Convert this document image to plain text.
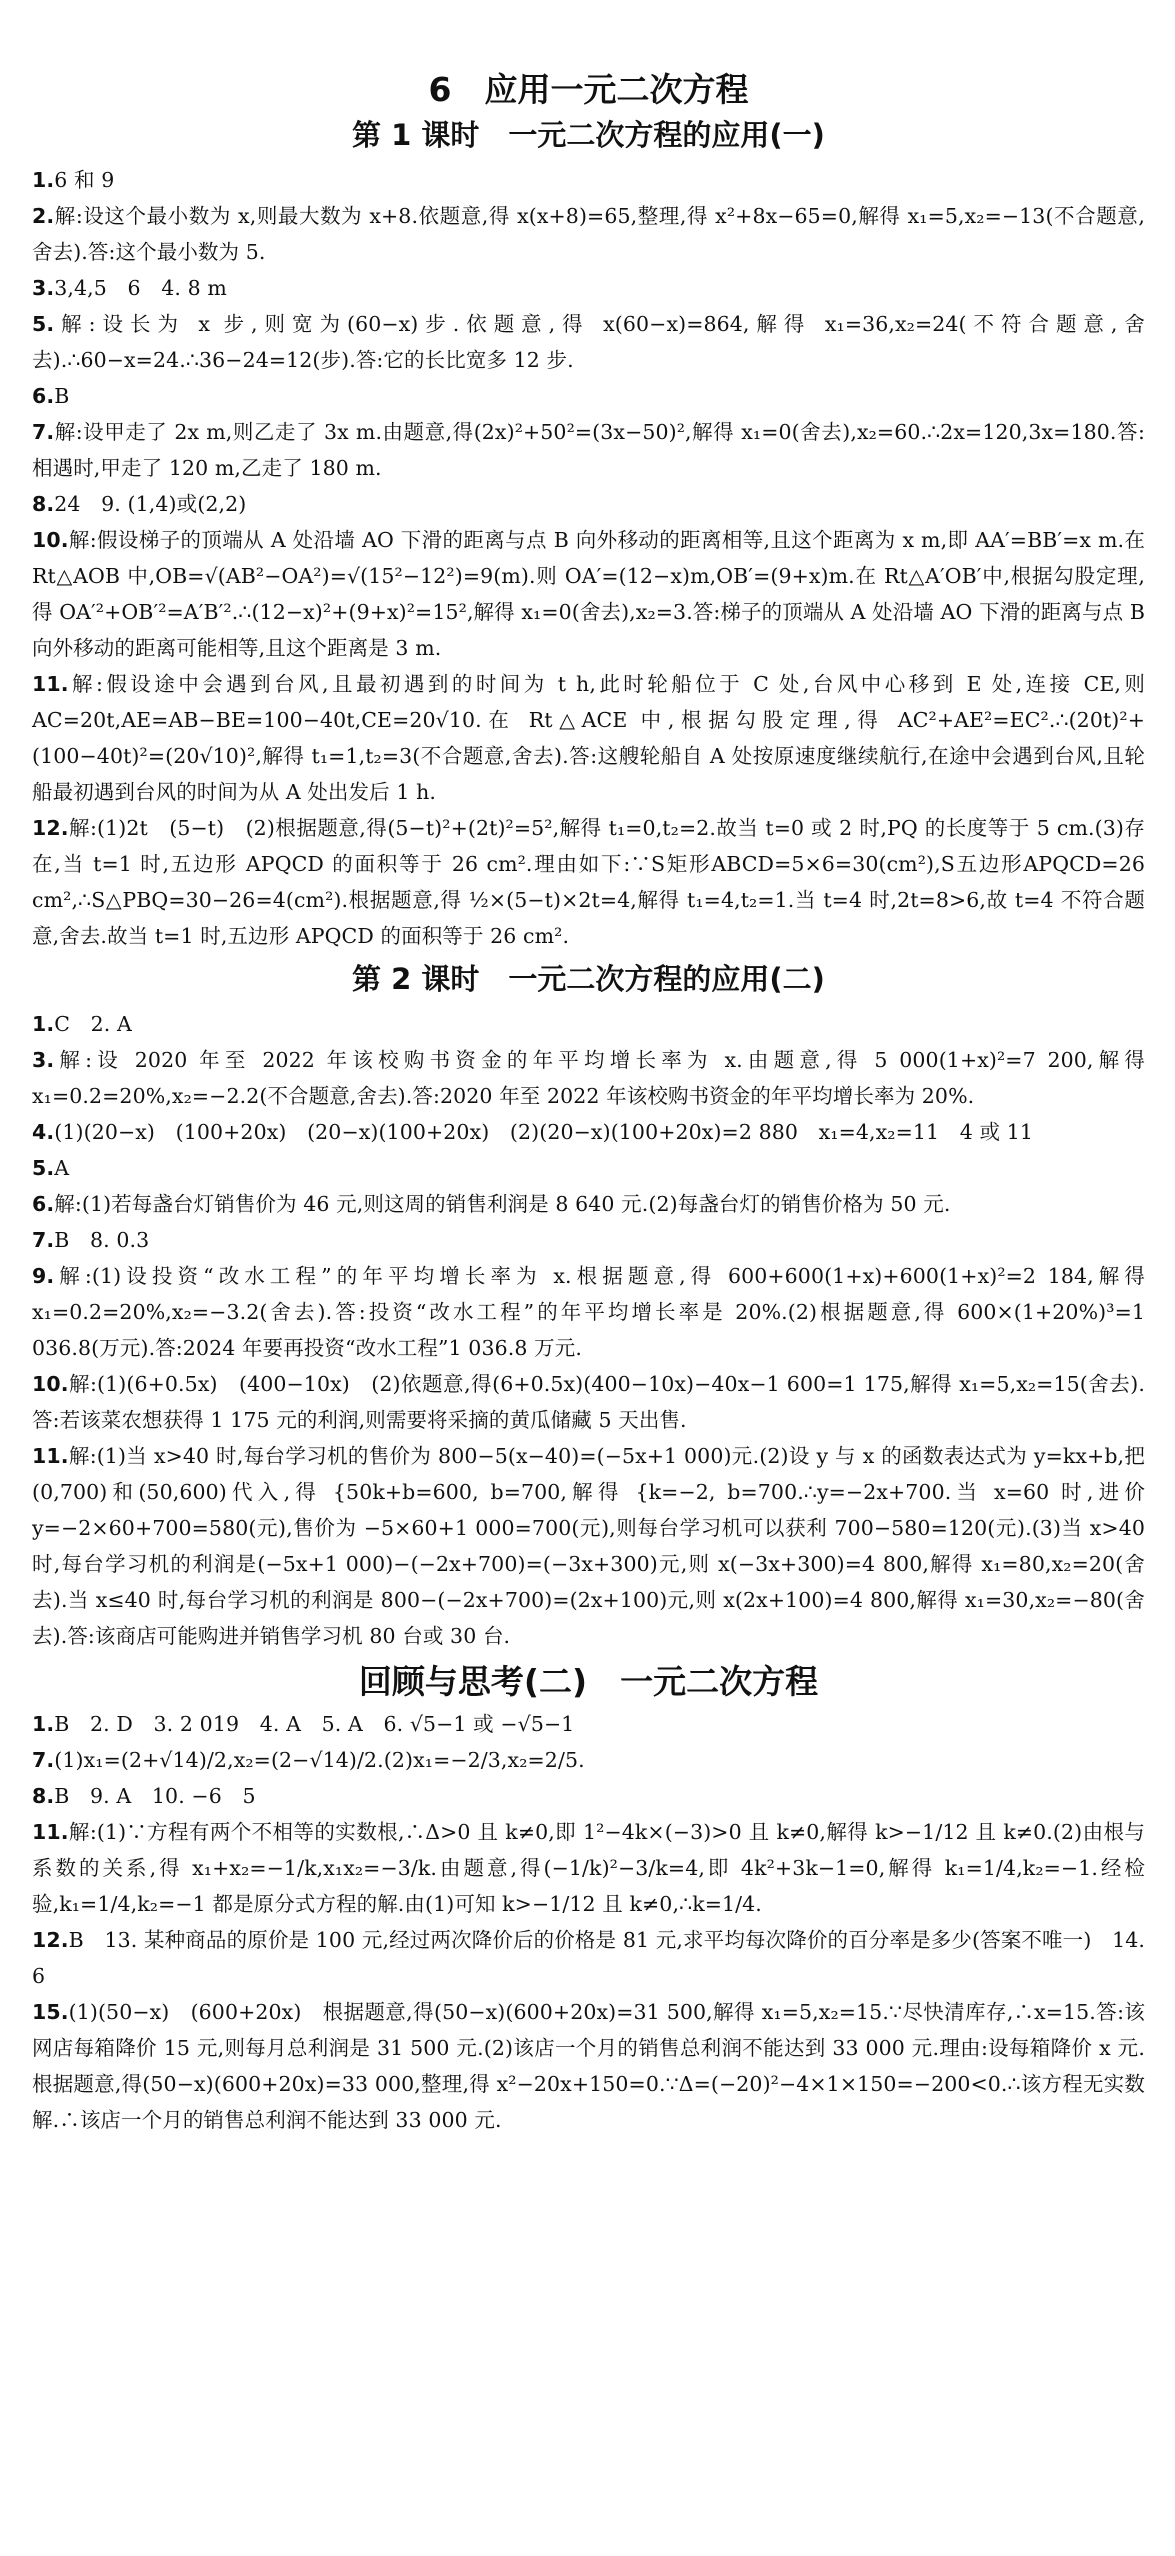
6　应用一元二次方程
第 1 课时　一元二次方程的应用(一)

1.6 和 9

2.解:设这个最小数为 x,则最大数为 x+8.依题意,得 x(x+8)=65,整理,得 x²+8x−65=0,解得 x₁=5,x₂=−13(不合题意,舍去).答:这个最小数为 5.

3.3,4,5　6　4. 8 m

5.解:设长为 x 步,则宽为(60−x)步.依题意,得 x(60−x)=864,解得 x₁=36,x₂=24(不符合题意,舍去).∴60−x=24.∴36−24=12(步).答:它的长比宽多 12 步.

6.B

7.解:设甲走了 2x m,则乙走了 3x m.由题意,得(2x)²+50²=(3x−50)²,解得 x₁=0(舍去),x₂=60.∴2x=120,3x=180.答:相遇时,甲走了 120 m,乙走了 180 m.

8.24　9. (1,4)或(2,2)

10.解:假设梯子的顶端从 A 处沿墙 AO 下滑的距离与点 B 向外移动的距离相等,且这个距离为 x m,即 AA′=BB′=x m.在 Rt△AOB 中,OB=√(AB²−OA²)=√(15²−12²)=9(m).则 OA′=(12−x)m,OB′=(9+x)m.在 Rt△A′OB′中,根据勾股定理,得 OA′²+OB′²=A′B′².∴(12−x)²+(9+x)²=15²,解得 x₁=0(舍去),x₂=3.答:梯子的顶端从 A 处沿墙 AO 下滑的距离与点 B 向外移动的距离可能相等,且这个距离是 3 m.

11.解:假设途中会遇到台风,且最初遇到的时间为 t h,此时轮船位于 C 处,台风中心移到 E 处,连接 CE,则 AC=20t,AE=AB−BE=100−40t,CE=20√10.在 Rt△ACE 中,根据勾股定理,得 AC²+AE²=EC².∴(20t)²+(100−40t)²=(20√10)²,解得 t₁=1,t₂=3(不合题意,舍去).答:这艘轮船自 A 处按原速度继续航行,在途中会遇到台风,且轮船最初遇到台风的时间为从 A 处出发后 1 h.

12.解:(1)2t　(5−t)　(2)根据题意,得(5−t)²+(2t)²=5²,解得 t₁=0,t₂=2.故当 t=0 或 2 时,PQ 的长度等于 5 cm.(3)存在,当 t=1 时,五边形 APQCD 的面积等于 26 cm².理由如下:∵S矩形ABCD=5×6=30(cm²),S五边形APQCD=26 cm²,∴S△PBQ=30−26=4(cm²).根据题意,得 ½×(5−t)×2t=4,解得 t₁=4,t₂=1.当 t=4 时,2t=8>6,故 t=4 不符合题意,舍去.故当 t=1 时,五边形 APQCD 的面积等于 26 cm².

第 2 课时　一元二次方程的应用(二)

1.C　2. A

3.解:设 2020 年至 2022 年该校购书资金的年平均增长率为 x.由题意,得 5 000(1+x)²=7 200,解得 x₁=0.2=20%,x₂=−2.2(不合题意,舍去).答:2020 年至 2022 年该校购书资金的年平均增长率为 20%.

4.(1)(20−x)　(100+20x)　(20−x)(100+20x)　(2)(20−x)(100+20x)=2 880　x₁=4,x₂=11　4 或 11

5.A

6.解:(1)若每盏台灯销售价为 46 元,则这周的销售利润是 8 640 元.(2)每盏台灯的销售价格为 50 元.

7.B　8. 0.3

9.解:(1)设投资“改水工程”的年平均增长率为 x.根据题意,得 600+600(1+x)+600(1+x)²=2 184,解得 x₁=0.2=20%,x₂=−3.2(舍去).答:投资“改水工程”的年平均增长率是 20%.(2)根据题意,得 600×(1+20%)³=1 036.8(万元).答:2024 年要再投资“改水工程”1 036.8 万元.

10.解:(1)(6+0.5x)　(400−10x)　(2)依题意,得(6+0.5x)(400−10x)−40x−1 600=1 175,解得 x₁=5,x₂=15(舍去).答:若该菜农想获得 1 175 元的利润,则需要将采摘的黄瓜储藏 5 天出售.

11.解:(1)当 x>40 时,每台学习机的售价为 800−5(x−40)=(−5x+1 000)元.(2)设 y 与 x 的函数表达式为 y=kx+b,把(0,700)和(50,600)代入,得 {50k+b=600, b=700,解得 {k=−2, b=700.∴y=−2x+700.当 x=60 时,进价 y=−2×60+700=580(元),售价为 −5×60+1 000=700(元),则每台学习机可以获利 700−580=120(元).(3)当 x>40 时,每台学习机的利润是(−5x+1 000)−(−2x+700)=(−3x+300)元,则 x(−3x+300)=4 800,解得 x₁=80,x₂=20(舍去).当 x≤40 时,每台学习机的利润是 800−(−2x+700)=(2x+100)元,则 x(2x+100)=4 800,解得 x₁=30,x₂=−80(舍去).答:该商店可能购进并销售学习机 80 台或 30 台.

回顾与思考(二)　一元二次方程

1.B　2. D　3. 2 019　4. A　5. A　6. √5−1 或 −√5−1

7.(1)x₁=(2+√14)/2,x₂=(2−√14)/2.(2)x₁=−2/3,x₂=2/5.

8.B　9. A　10. −6　5

11.解:(1)∵方程有两个不相等的实数根,∴Δ>0 且 k≠0,即 1²−4k×(−3)>0 且 k≠0,解得 k>−1/12 且 k≠0.(2)由根与系数的关系,得 x₁+x₂=−1/k,x₁x₂=−3/k.由题意,得(−1/k)²−3/k=4,即 4k²+3k−1=0,解得 k₁=1/4,k₂=−1.经检验,k₁=1/4,k₂=−1 都是原分式方程的解.由(1)可知 k>−1/12 且 k≠0,∴k=1/4.

12.B　13. 某种商品的原价是 100 元,经过两次降价后的价格是 81 元,求平均每次降价的百分率是多少(答案不唯一)　14. 6

15.(1)(50−x)　(600+20x)　根据题意,得(50−x)(600+20x)=31 500,解得 x₁=5,x₂=15.∵尽快清库存,∴x=15.答:该网店每箱降价 15 元,则每月总利润是 31 500 元.(2)该店一个月的销售总利润不能达到 33 000 元.理由:设每箱降价 x 元.根据题意,得(50−x)(600+20x)=33 000,整理,得 x²−20x+150=0.∵Δ=(−20)²−4×1×150=−200<0.∴该方程无实数解.∴该店一个月的销售总利润不能达到 33 000 元.
